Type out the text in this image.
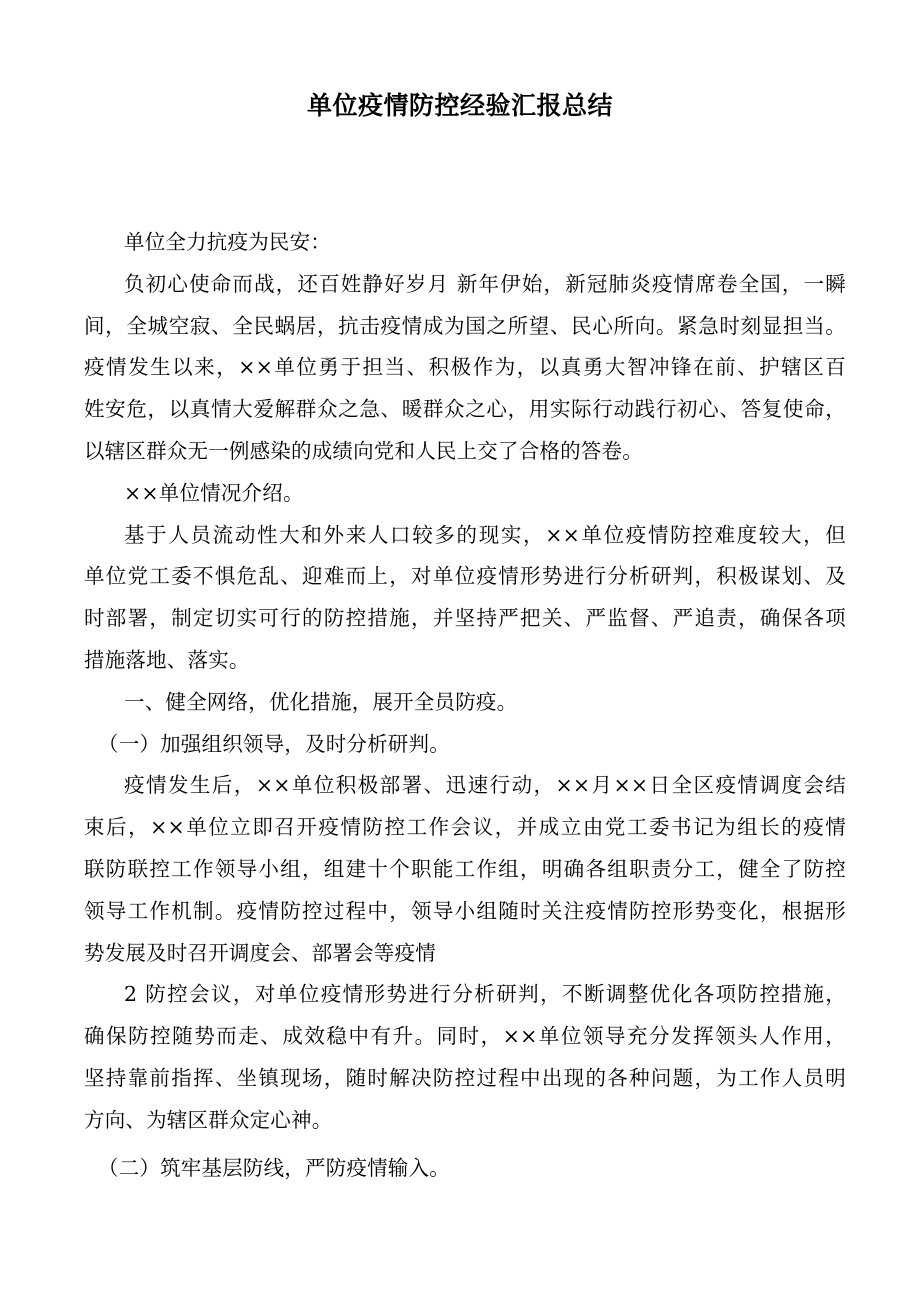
单位疫情防控经验汇报总结
单位全力抗疫为民安：
负初心使命而战，还百姓静好岁月 新年伊始，新冠肺炎疫情席卷全国，一瞬
间，全城空寂、全民蜗居，抗击疫情成为国之所望、民心所向。紧急时刻显担当。
疫情发生以来，××单位勇于担当、积极作为，以真勇大智冲锋在前、护辖区百
姓安危，以真情大爱解群众之急、暖群众之心，用实际行动践行初心、答复使命，
以辖区群众无一例感染的成绩向党和人民上交了合格的答卷。
××单位情况介绍。
基于人员流动性大和外来人口较多的现实，××单位疫情防控难度较大，但
单位党工委不惧危乱、迎难而上，对单位疫情形势进行分析研判，积极谋划、及
时部署，制定切实可行的防控措施，并坚持严把关、严监督、严追责，确保各项
措施落地、落实。
一、健全网络，优化措施，展开全员防疫。
（一）加强组织领导，及时分析研判。
疫情发生后，××单位积极部署、迅速行动，××月××日全区疫情调度会结
束后，××单位立即召开疫情防控工作会议，并成立由党工委书记为组长的疫情
联防联控工作领导小组，组建十个职能工作组，明确各组职责分工，健全了防控
领导工作机制。疫情防控过程中，领导小组随时关注疫情防控形势变化，根据形
势发展及时召开调度会、部署会等疫情
2 防控会议，对单位疫情形势进行分析研判，不断调整优化各项防控措施，
确保防控随势而走、成效稳中有升。同时，××单位领导充分发挥领头人作用，
坚持靠前指挥、坐镇现场，随时解决防控过程中出现的各种问题，为工作人员明
方向、为辖区群众定心神。
（二）筑牢基层防线，严防疫情输入。
